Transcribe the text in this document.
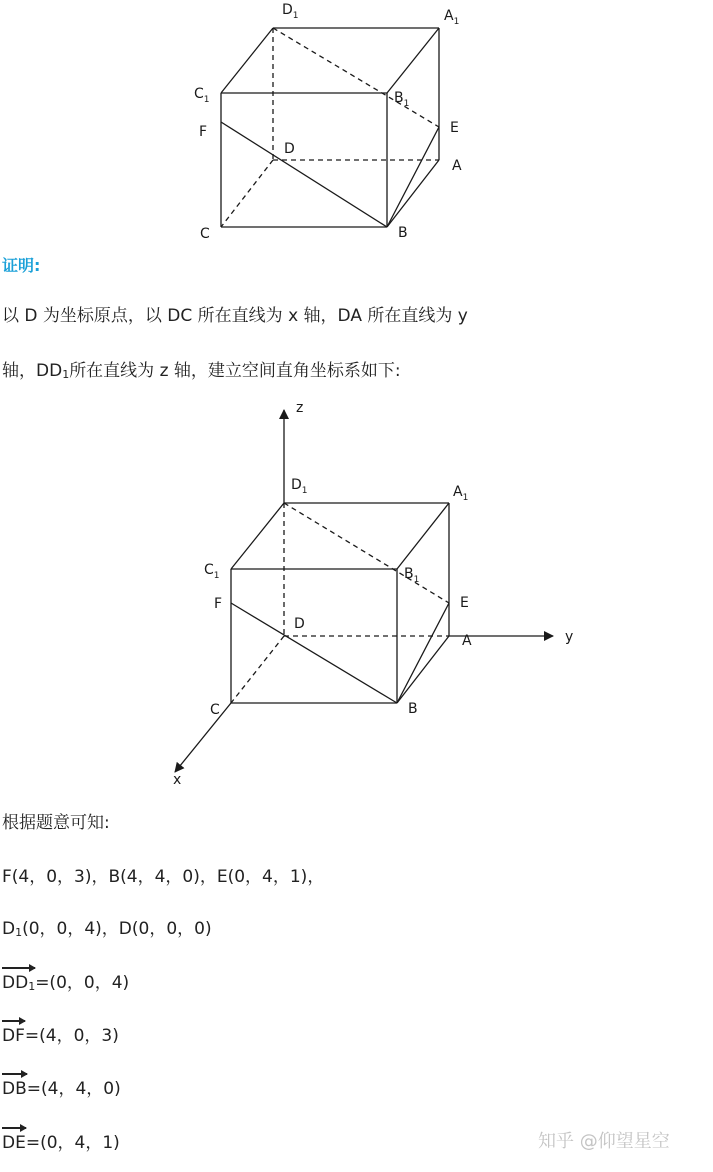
$D_1$	$A_1$
$C_1$	$B_1$
F	E
D
A
C	B

证明:

以 D 为坐标原点，以 DC 所在直线为 x 轴，DA 所在直线为 y

轴，$DD_1$所在直线为 z 轴，建立空间直角坐标系如下:

z
y
x
$D_1$	$A_1$
$C_1$	$B_1$
F	E
D
A
C	B

根据题意可知:

F(4，0，3)，B(4，4，0)，E(0，4，1)，

$D_1(0$，0，4)，D(0，0，0)

$DD_1=(0$，0，4)

DF=(4，0，3)

DB=(4，4，0)

DE=(0，4，1)	知乎 @仰望星空
